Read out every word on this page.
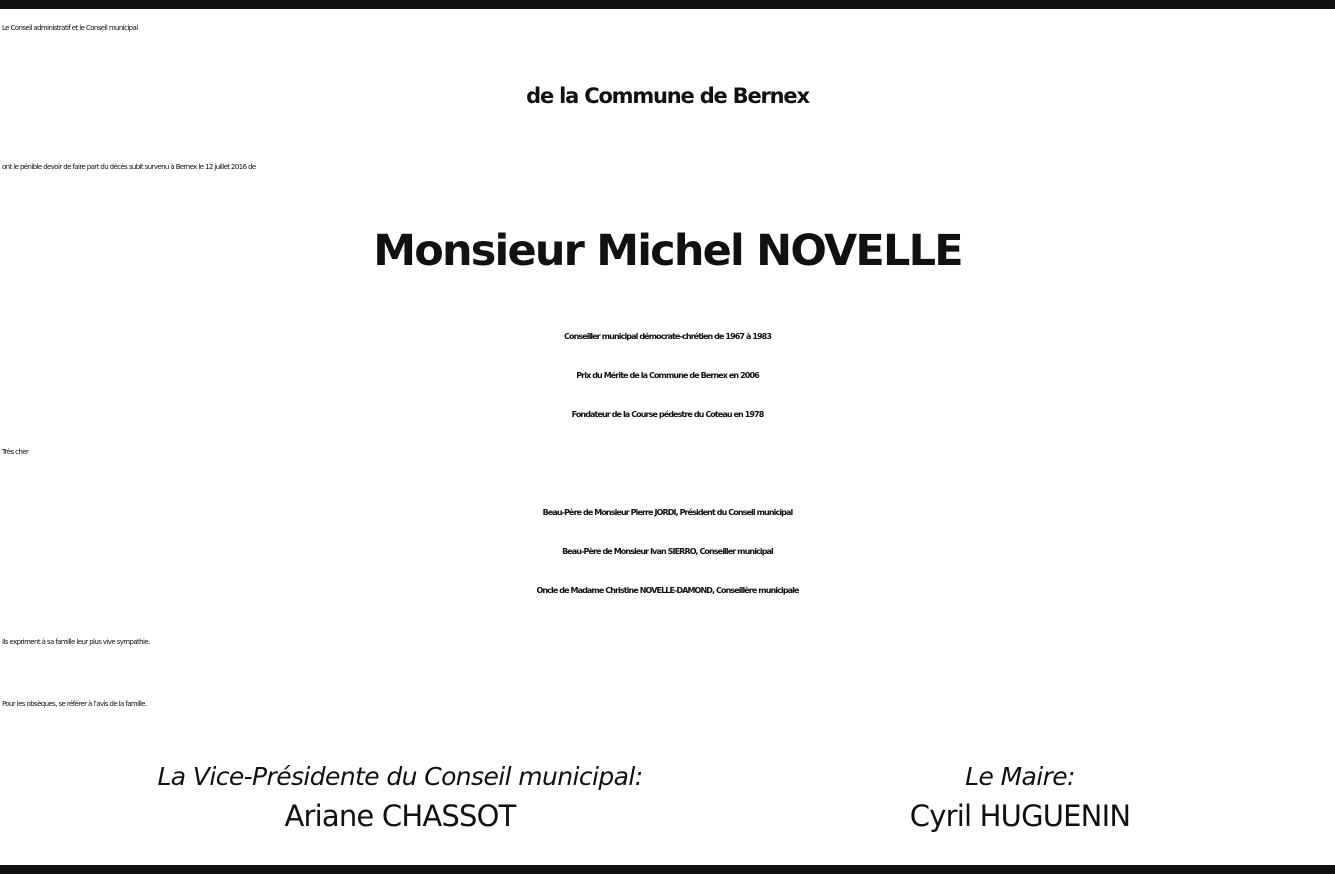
Le Conseil administratif et le Conseil municipal
de la Commune de Bernex
ont le pénible devoir de faire part du décès subit survenu à Bernex le 12 juillet 2016 de
Monsieur Michel NOVELLE
Conseiller municipal démocrate-chrétien de 1967 à 1983
Prix du Mérite de la Commune de Bernex en 2006
Fondateur de la Course pédestre du Coteau en 1978
Très cher
Beau-Père de Monsieur Pierre JORDI, Président du Conseil municipal
Beau-Père de Monsieur Ivan SIERRO, Conseiller municipal
Oncle de Madame Christine NOVELLE-DAMOND, Conseillère municipale
Ils expriment à sa famille leur plus vive sympathie.
Pour les obsèques, se référer à l’avis de la famille.
La Vice-Présidente du Conseil municipal:
Ariane CHASSOT
Le Maire:
Cyril HUGUENIN
